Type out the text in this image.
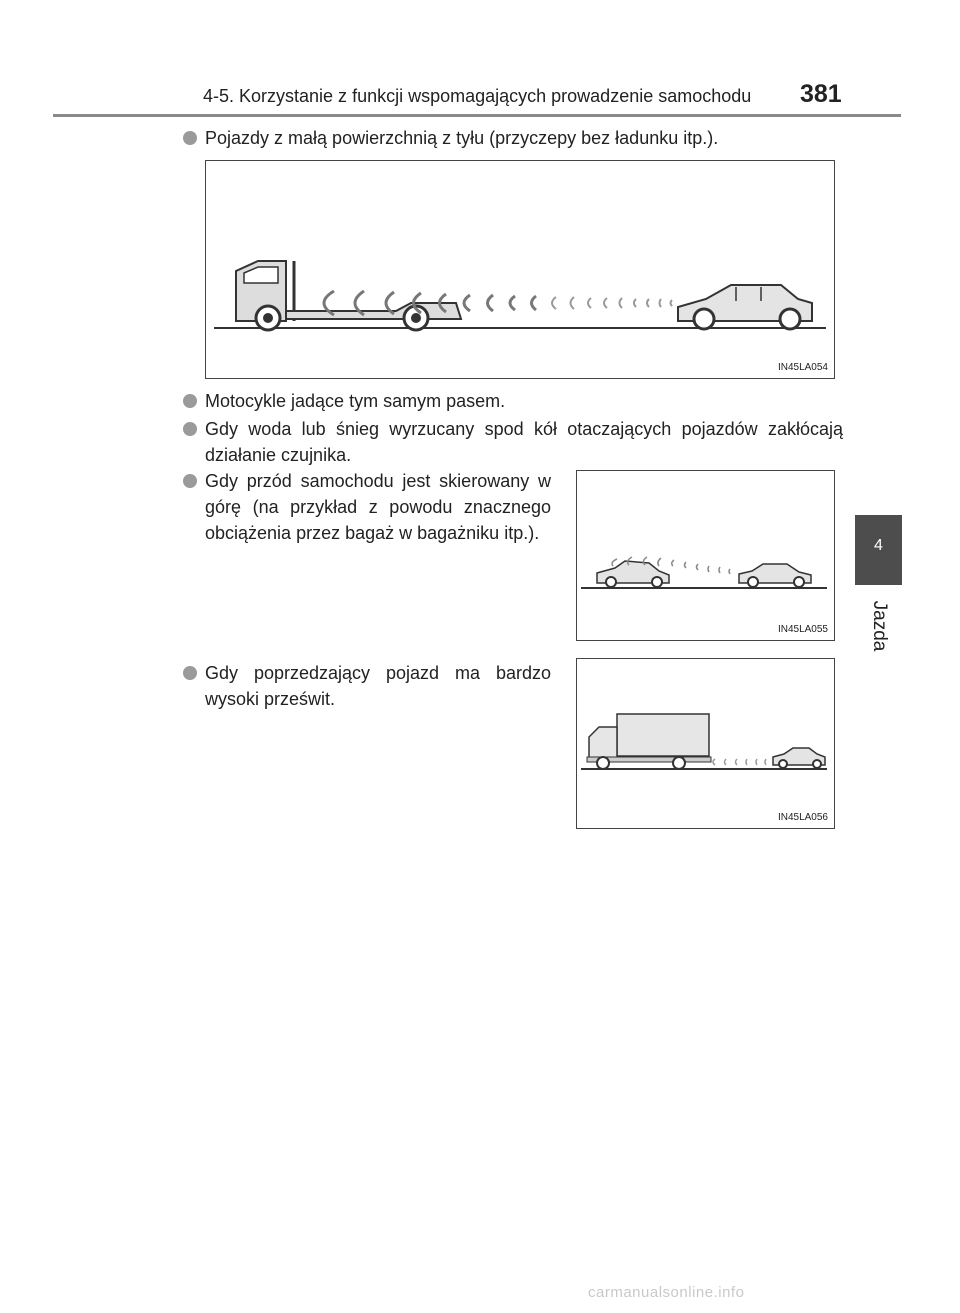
4-5. Korzystanie z funkcji wspomagających prowadzenie samochodu 381
4
Jazda
Pojazdy z małą powierzchnią z tyłu (przyczepy bez ładunku itp.).
IN45LA054
Motocykle jadące tym samym pasem.
Gdy woda lub śnieg wyrzucany spod kół otaczających pojazdów zakłócają działanie czujnika.
Gdy przód samochodu jest skierowany w górę (na przykład z powodu znacznego obciążenia przez bagaż w bagażniku itp.).
IN45LA055
Gdy poprzedzający pojazd ma bardzo wysoki prześwit.
IN45LA056
carmanualsonline.info
